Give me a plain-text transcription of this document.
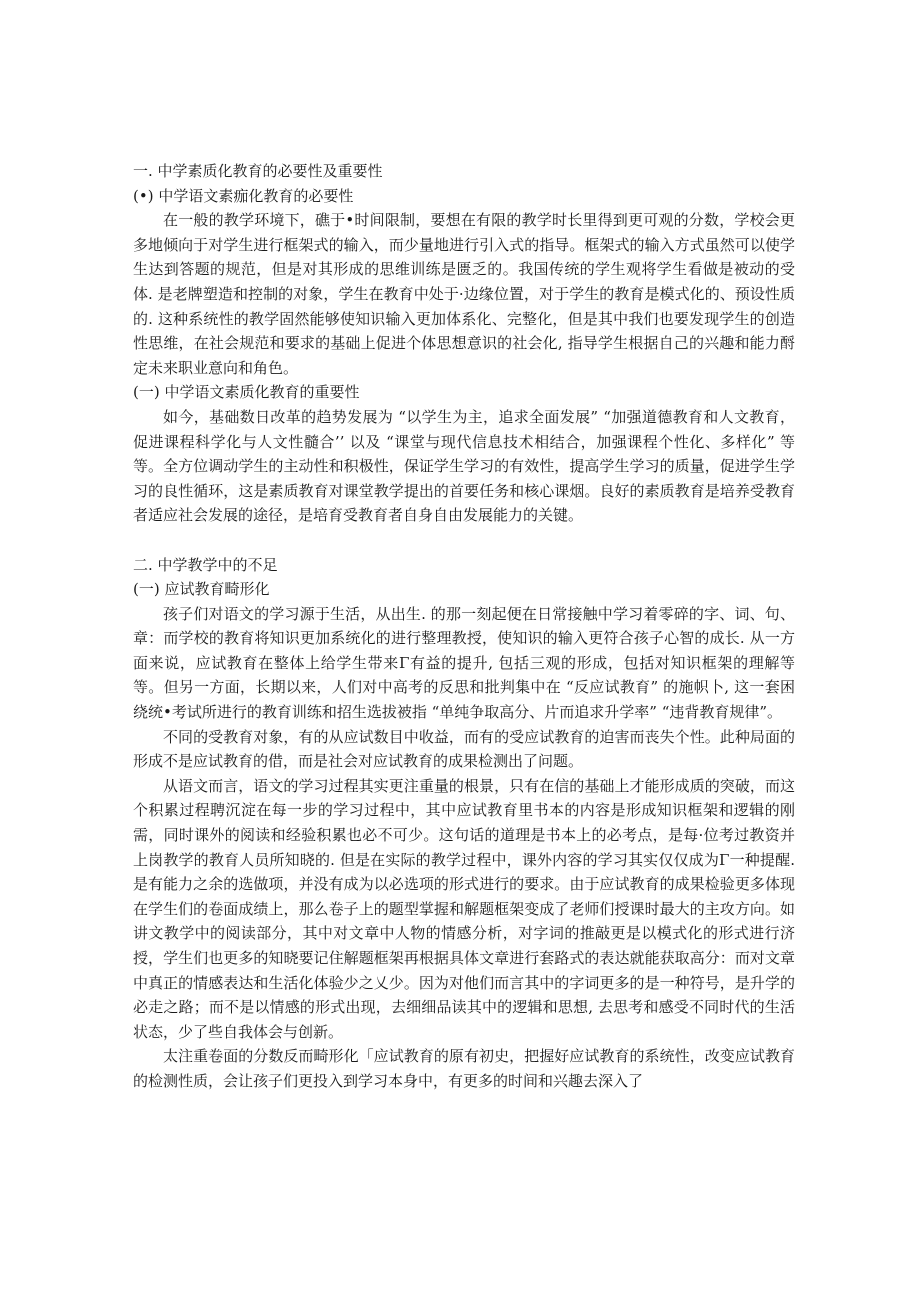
一. 中学素质化教育的必要性及重要性
(•) 中学语文素痂化教育的必要性

在一般的教学环境下，礁于•时间限制，要想在有限的教学时长里得到更可观的分数，学校会更多地倾向于对学生进行框架式的输入，而少量地进行引入式的指导。框架式的输入方式虽然可以使学生达到答题的规范，但是对其形成的思维训练是匮乏的。我国传统的学生观将学生看做是被动的受体. 是老牌塑造和控制的对象，学生在教育中处于·边缘位置，对于学生的教育是模式化的、预设性质的. 这种系统性的教学固然能够使知识输入更加体系化、完整化，但是其中我们也要发现学生的创造性思维，在社会规范和要求的基础上促进个体思想意识的社会化, 指导学生根据自己的兴趣和能力酹定未来职业意向和角色。

(一) 中学语文素质化教育的重要性

如今，基础数日改革的趋势发展为 “以学生为主，追求全面发展” “加强道德教育和人文教育，促进课程科学化与人文性髓合’’ 以及 “课堂与现代信息技术相结合，加强课程个性化、多样化” 等等。全方位调动学生的主动性和积极性，保证学生学习的有效性，提高学生学习的质量，促进学生学习的良性循环，这是素质教育对课堂教学提出的首要任务和核心课烟。良好的素质教育是培养受教育者适应社会发展的途径，是培育受教育者自身自由发展能力的关键。

二. 中学教学中的不足
(一) 应试教育畸形化

孩子们对语文的学习源于生活，从出生. 的那一刻起便在日常接触中学习着零碎的字、词、句、章：而学校的教育将知识更加系统化的进行整理教授，使知识的输入更符合孩子心智的成长. 从一方面来说，应试教育在整体上给学生带来Γ有益的提升, 包括三观的形成，包括对知识框架的理解等等。但另一方面，长期以来，人们对中高考的反思和批判集中在 “反应试教育” 的施帜卜, 这一套困绕统•考试所进行的教育训练和招生选拔被指 “单纯争取高分、片而追求升学率” “违背教育规律”。

不同的受教育对象，有的从应试数目中收益，而有的受应试教育的迫害而丧失个性。此种局面的形成不是应试教育的借，而是社会对应试教育的成果检测出了问题。

从语文而言，语文的学习过程其实更注重量的根景，只有在信的基础上才能形成质的突破，而这个积累过程聘沉淀在每一步的学习过程中，其中应试教育里书本的内容是形成知识框架和逻辑的刚需，同时课外的阅读和经验积累也必不可少。这句话的道理是书本上的必考点，是每·位考过教资并上岗教学的教育人员所知晓的. 但是在实际的教学过程中，课外内容的学习其实仅仅成为Γ一种提醒. 是有能力之余的选做项，并没有成为以必选项的形式进行的要求。由于应试教育的成果检验更多体现在学生们的卷面成绩上，那么卷子上的题型掌握和解题框架变成了老师们授课时最大的主攻方向。如讲文教学中的阅读部分，其中对文章中人物的情感分析，对字词的推敲更是以模式化的形式进行济授，学生们也更多的知晓要记住解题框架再根据具体文章进行套路式的表达就能获取高分：而对文章中真正的情感表达和生活化体验少之乂少。因为对他们而言其中的字词更多的是一种符号，是升学的必走之路；而不是以情感的形式出现，去细细品读其中的逻辑和思想, 去思考和感受不同时代的生活状态，少了些自我体会与创新。

太注重卷面的分数反而畸形化「应试教育的原有初史，把握好应试教育的系统性，改变应试教育的检测性质，会让孩子们更投入到学习本身中，有更多的时间和兴趣去深入了
